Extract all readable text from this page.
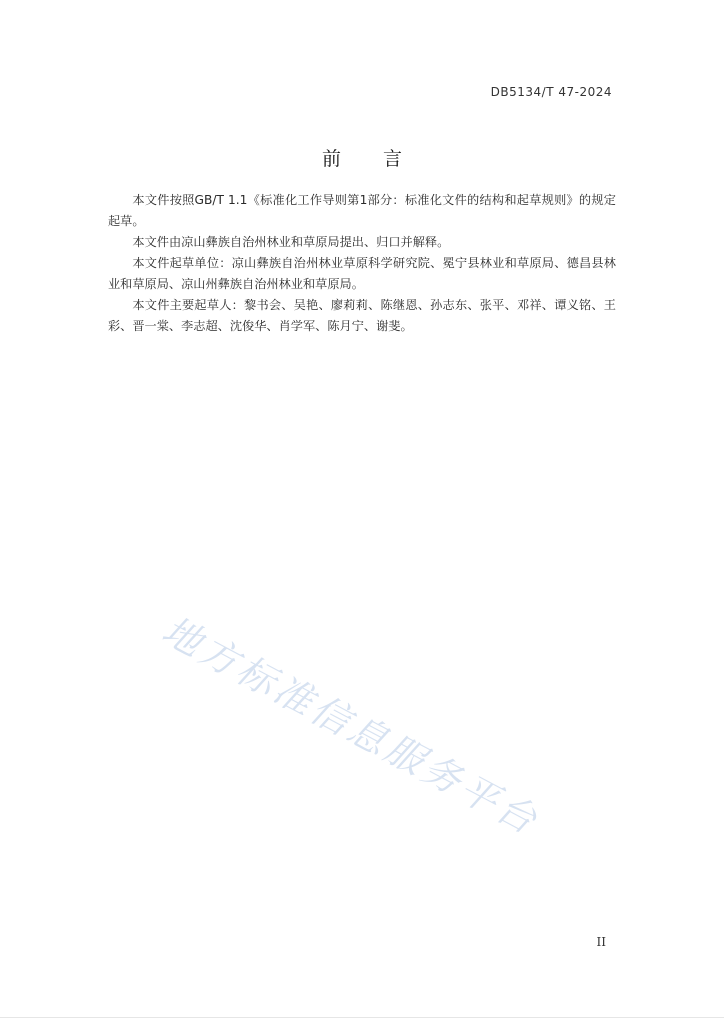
DB5134/T 47-2024
前 言

本文件按照GB/T 1.1《标准化工作导则第1部分：标准化文件的结构和起草规则》的规定起草。

本文件由凉山彝族自治州林业和草原局提出、归口并解释。

本文件起草单位：凉山彝族自治州林业草原科学研究院、冕宁县林业和草原局、德昌县林业和草原局、凉山州彝族自治州林业和草原局。

本文件主要起草人：黎书会、吴艳、廖莉莉、陈继恩、孙志东、张平、邓祥、谭义铭、王彩、晋一棠、李志超、沈俊华、肖学军、陈月宁、谢斐。

地方标准信息服务平台
II
